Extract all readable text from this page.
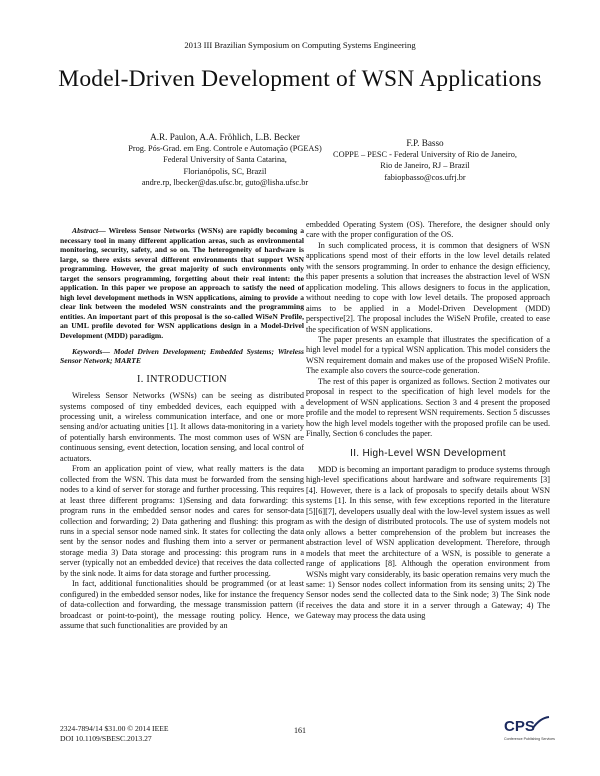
2013 III Brazilian Symposium on Computing Systems Engineering
Model-Driven Development of WSN Applications
A.R. Paulon, A.A. Fröhlich, L.B. Becker
Prog. Pós-Grad. em Eng. Controle e Automação (PGEAS)
Federal University of Santa Catarina,
Florianópolis, SC, Brazil
andre.rp, lbecker@das.ufsc.br, guto@lisha.ufsc.br
F.P. Basso
COPPE – PESC - Federal University of Rio de Janeiro,
Rio de Janeiro, RJ – Brazil
fabiopbasso@cos.ufrj.br

Abstract— Wireless Sensor Networks (WSNs) are rapidly becoming a necessary tool in many different application areas, such as environmental monitoring, security, safety, and so on. The heterogeneity of hardware is large, so there exists several different environments that support WSN programming. However, the great majority of such environments only target the sensors programming, forgetting about their real intent: the application. In this paper we propose an approach to satisfy the need of high level development methods in WSN applications, aiming to provide a clear link between the modeled WSN constraints and the programming entities. An important part of this proposal is the so-called WiSeN Profile, an UML profile devoted for WSN applications design in a Model-Drivel Development (MDD) paradigm.

Keywords— Model Driven Development; Embedded Systems; Wireless Sensor Network; MARTE

I. INTRODUCTION

Wireless Sensor Networks (WSNs) can be seeing as distributed systems composed of tiny embedded devices, each equipped with a processing unit, a wireless communication interface, and one or more sensing and/or actuating unities [1]. It allows data-monitoring in a variety of potentially harsh environments. The most common uses of WSN are continuous sensing, event detection, location sensing, and local control of actuators.

From an application point of view, what really matters is the data collected from the WSN. This data must be forwarded from the sensing nodes to a kind of server for storage and further processing. This requires at least three different programs: 1)Sensing and data forwarding: this program runs in the embedded sensor nodes and cares for sensor-data collection and forwarding; 2) Data gathering and flushing: this program runs in a special sensor node named sink. It states for collecting the data sent by the sensor nodes and flushing them into a server or permanent storage media 3) Data storage and processing: this program runs in a server (typically not an embedded device) that receives the data collected by the sink node. It aims for data storage and further processing.

In fact, additional functionalities should be programmed (or at least configured) in the embedded sensor nodes, like for instance the frequency of data-collection and forwarding, the message transmission pattern (if broadcast or point-to-point), the message routing policy. Hence, we assume that such functionalities are provided by an

embedded Operating System (OS). Therefore, the designer should only care with the proper configuration of the OS.

In such complicated process, it is common that designers of WSN applications spend most of their efforts in the low level details related with the sensors programming. In order to enhance the design efficiency, this paper presents a solution that increases the abstraction level of WSN application modeling. This allows designers to focus in the application, without needing to cope with low level details. The proposed approach aims to be applied in a Model-Driven Development (MDD) perspective[2]. The proposal includes the WiSeN Profile, created to ease the specification of WSN applications.

The paper presents an example that illustrates the specification of a high level model for a typical WSN application. This model considers the WSN requirement domain and makes use of the proposed WiSeN Profile. The example also covers the source-code generation.

The rest of this paper is organized as follows. Section 2 motivates our proposal in respect to the specification of high level models for the development of WSN applications. Section 3 and 4 present the proposed profile and the model to represent WSN requirements. Section 5 discusses how the high level models together with the proposed profile can be used. Finally, Section 6 concludes the paper.

II. High-Level WSN Development

MDD is becoming an important paradigm to produce systems through high-level specifications about hardware and software requirements [3][4]. However, there is a lack of proposals to specify details about WSN systems [1]. In this sense, with few exceptions reported in the literature [5][6][7], developers usually deal with the low-level system issues as well as with the design of distributed protocols. The use of system models not only allows a better comprehension of the problem but increases the abstraction level of WSN application development. Therefore, through models that meet the architecture of a WSN, is possible to generate a range of applications [8]. Although the operation environment from WSNs might vary considerably, its basic operation remains very much the same: 1) Sensor nodes collect information from its sensing units; 2) The Sensor nodes send the collected data to the Sink node; 3) The Sink node receives the data and store it in a server through a Gateway; 4) The Gateway may process the data using

2324-7894/14 $31.00 © 2014 IEEE
DOI 10.1109/SBESC.2013.27
161	CPS
Conference Publishing Services
